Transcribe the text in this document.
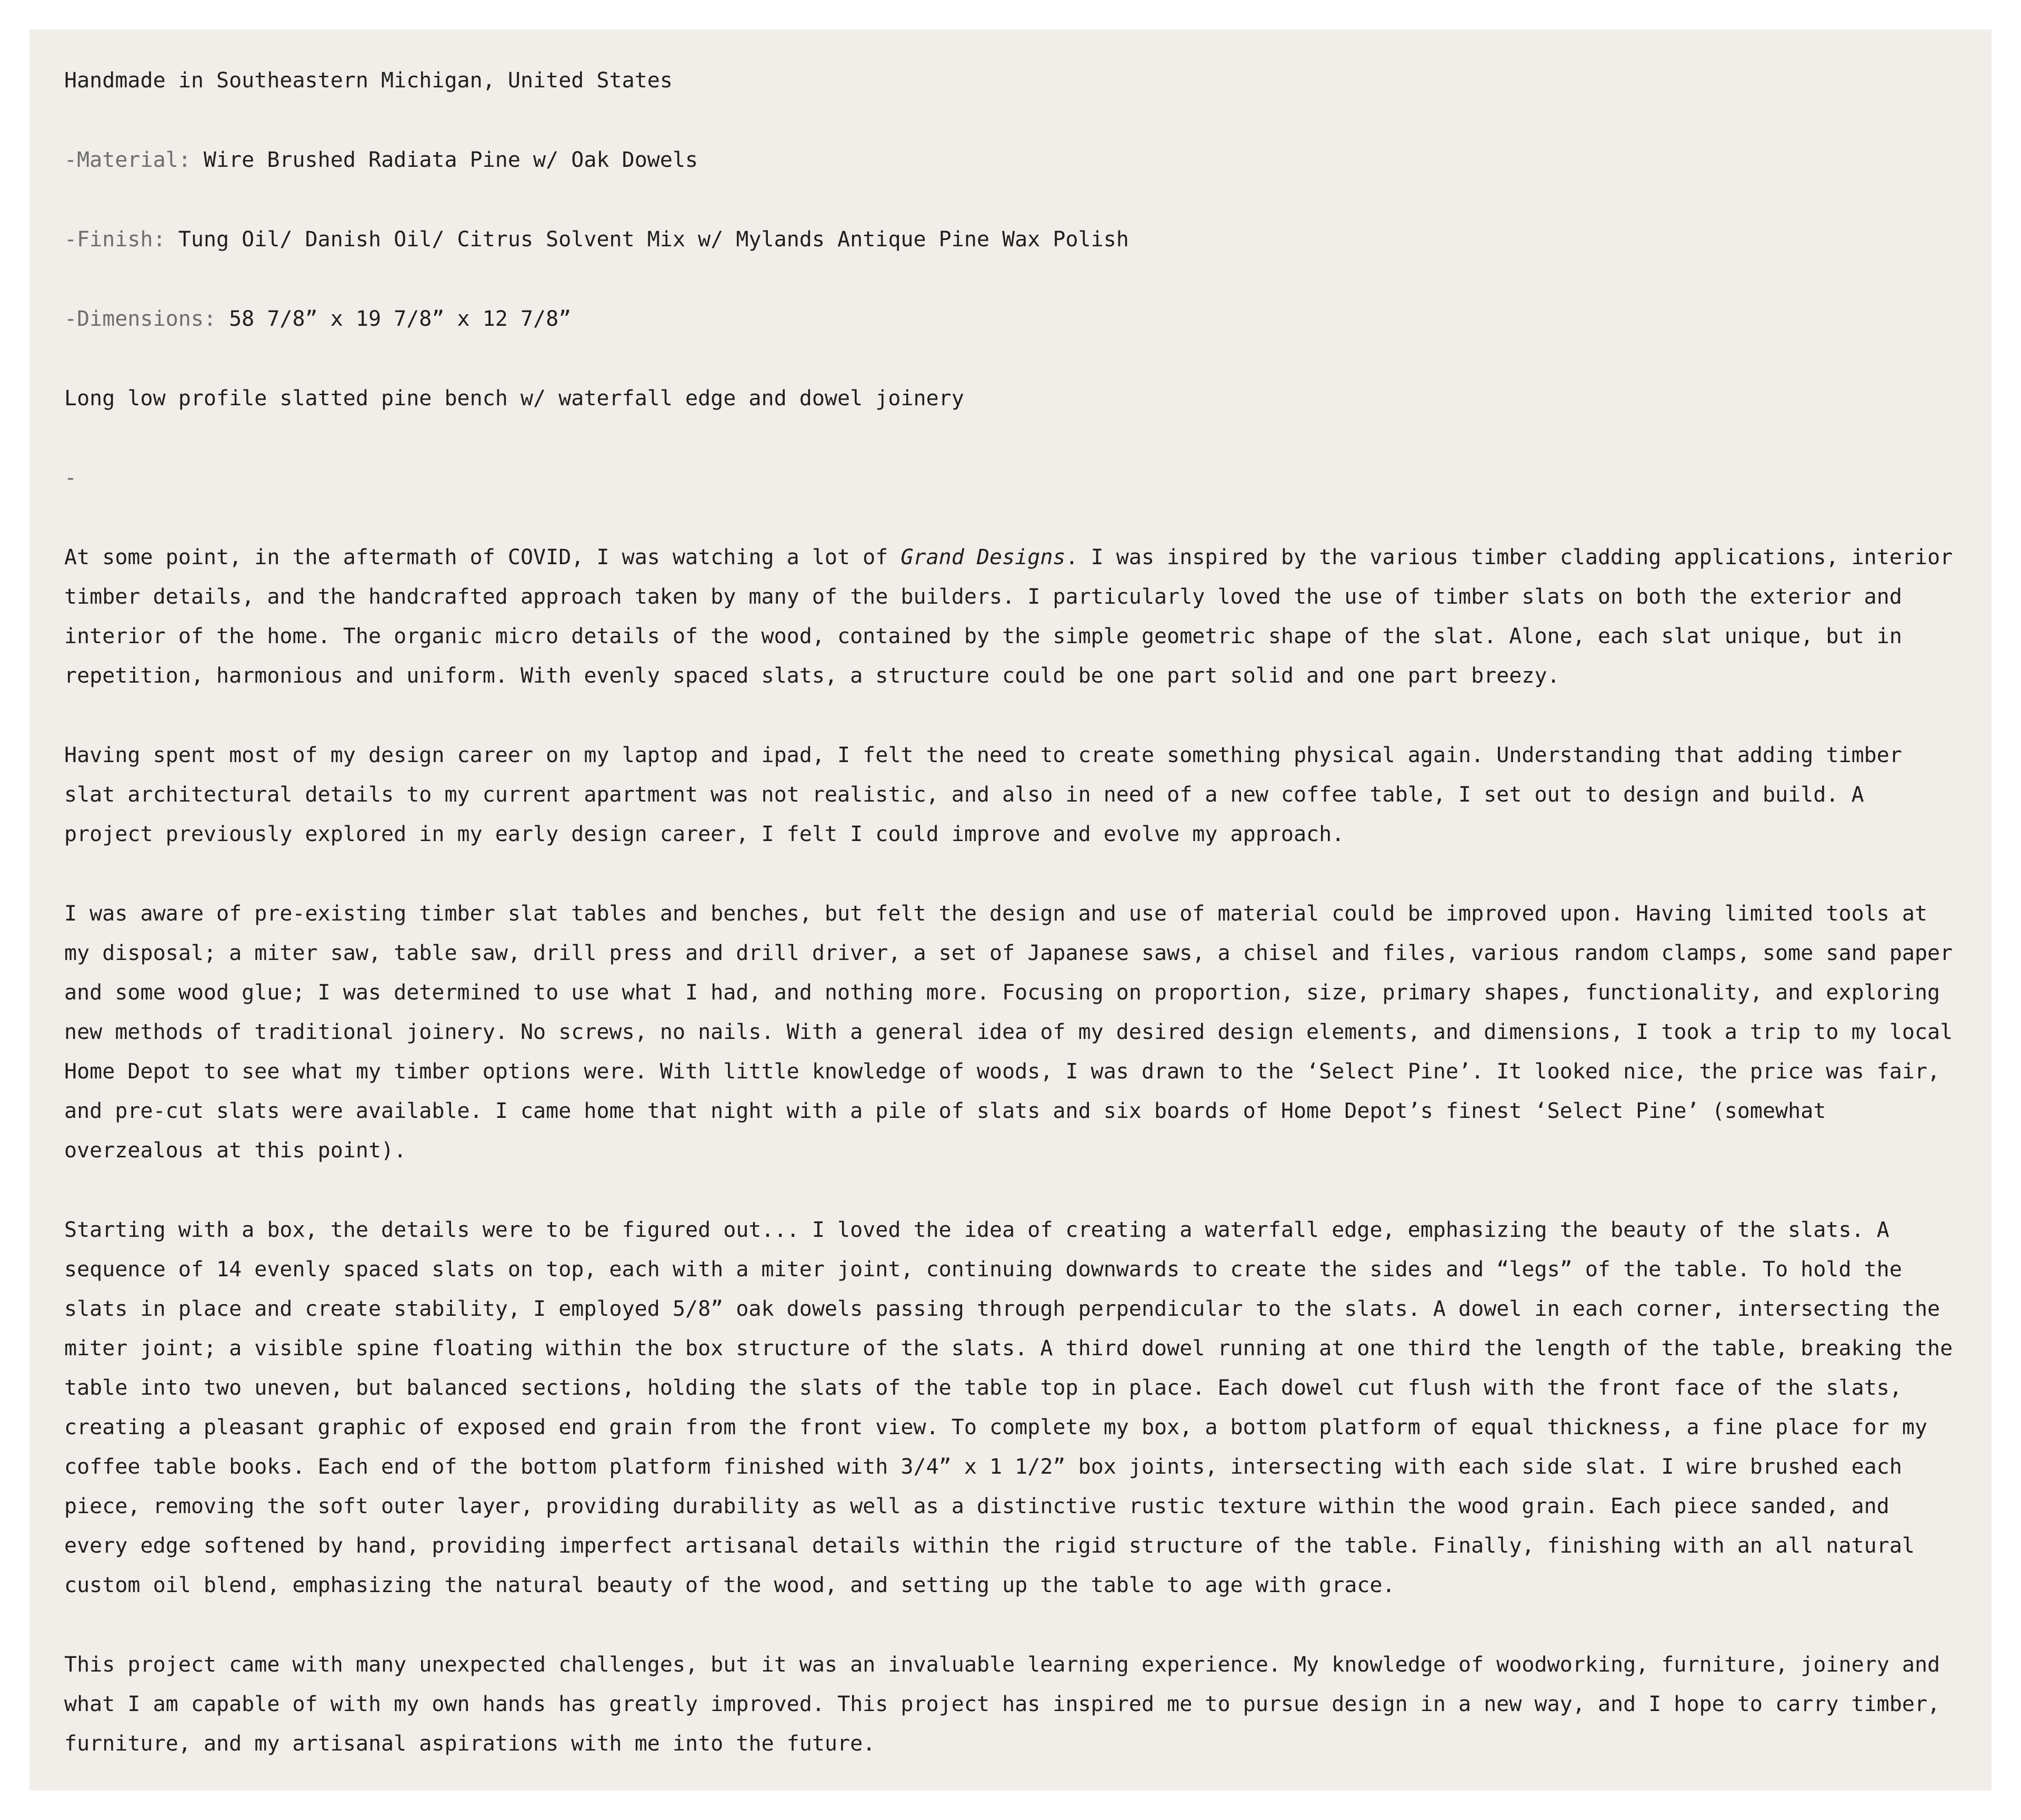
Handmade in Southeastern Michigan, United States
-Material: Wire Brushed Radiata Pine w/ Oak Dowels
-Finish: Tung Oil/ Danish Oil/ Citrus Solvent Mix w/ Mylands Antique Pine Wax Polish
-Dimensions: 58 7/8” x 19 7/8” x 12 7/8”
Long low profile slatted pine bench w/ waterfall edge and dowel joinery
-

At some point, in the aftermath of COVID, I was watching a lot of Grand Designs. I was inspired by the various timber cladding applications, interior timber details, and the handcrafted approach taken by many of the builders. I particularly loved the use of timber slats on both the exterior and interior of the home. The organic micro details of the wood, contained by the simple geometric shape of the slat. Alone, each slat unique, but in repetition, harmonious and uniform. With evenly spaced slats, a structure could be one part solid and one part breezy.

Having spent most of my design career on my laptop and ipad, I felt the need to create something physical again. Understanding that adding timber slat architectural details to my current apartment was not realistic, and also in need of a new coffee table, I set out to design and build. A project previously explored in my early design career, I felt I could improve and evolve my approach.

I was aware of pre-existing timber slat tables and benches, but felt the design and use of material could be improved upon. Having limited tools at my disposal; a miter saw, table saw, drill press and drill driver, a set of Japanese saws, a chisel and files, various random clamps, some sand paper and some wood glue; I was determined to use what I had, and nothing more. Focusing on proportion, size, primary shapes, functionality, and exploring new methods of traditional joinery. No screws, no nails. With a general idea of my desired design elements, and dimensions, I took a trip to my local Home Depot to see what my timber options were. With little knowledge of woods, I was drawn to the ‘Select Pine’. It looked nice, the price was fair, and pre-cut slats were available. I came home that night with a pile of slats and six boards of Home Depot’s finest ‘Select Pine’ (somewhat overzealous at this point).

Starting with a box, the details were to be figured out... I loved the idea of creating a waterfall edge, emphasizing the beauty of the slats. A sequence of 14 evenly spaced slats on top, each with a miter joint, continuing downwards to create the sides and “legs” of the table. To hold the slats in place and create stability, I employed 5/8” oak dowels passing through perpendicular to the slats. A dowel in each corner, intersecting the miter joint; a visible spine floating within the box structure of the slats. A third dowel running at one third the length of the table, breaking the table into two uneven, but balanced sections, holding the slats of the table top in place. Each dowel cut flush with the front face of the slats, creating a pleasant graphic of exposed end grain from the front view. To complete my box, a bottom platform of equal thickness, a fine place for my coffee table books. Each end of the bottom platform finished with 3/4” x 1 1/2” box joints, intersecting with each side slat. I wire brushed each piece, removing the soft outer layer, providing durability as well as a distinctive rustic texture within the wood grain. Each piece sanded, and every edge softened by hand, providing imperfect artisanal details within the rigid structure of the table. Finally, finishing with an all natural custom oil blend, emphasizing the natural beauty of the wood, and setting up the table to age with grace.

This project came with many unexpected challenges, but it was an invaluable learning experience. My knowledge of woodworking, furniture, joinery and what I am capable of with my own hands has greatly improved. This project has inspired me to pursue design in a new way, and I hope to carry timber, furniture, and my artisanal aspirations with me into the future.
